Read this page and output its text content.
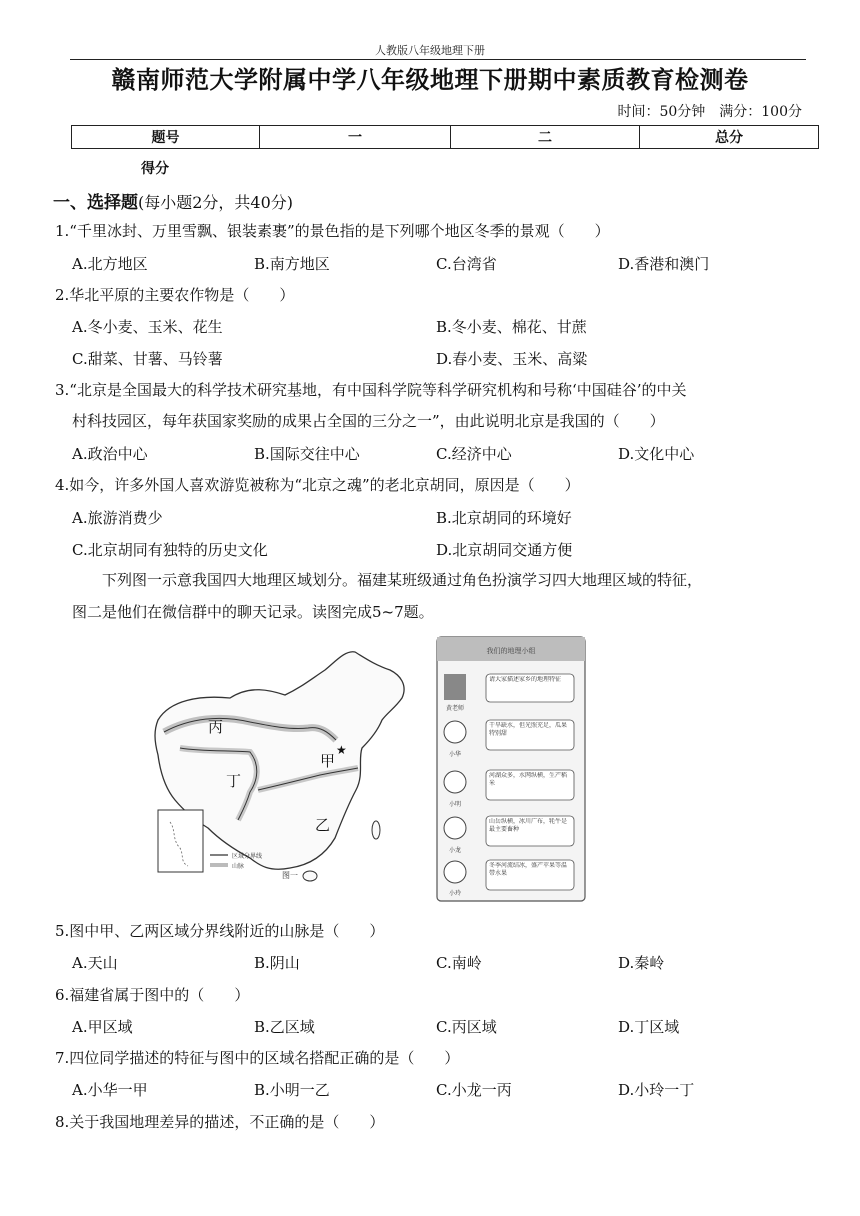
人教版八年级地理下册
赣南师范大学附属中学八年级地理下册期中素质教育检测卷
时间：50分钟　满分：100分
题号	一	二	总分
得分
一、选择题(每小题2分，共40分)
1.“千里冰封、万里雪飘、银装素裹”的景色指的是下列哪个地区冬季的景观（　　）
A.北方地区	B.南方地区	C.台湾省	D.香港和澳门
2.华北平原的主要农作物是（　　）
A.冬小麦、玉米、花生	B.冬小麦、棉花、甘蔗
C.甜菜、甘薯、马铃薯	D.春小麦、玉米、高粱
3.“北京是全国最大的科学技术研究基地，有中国科学院等科学研究机构和号称‘中国硅谷’的中关
村科技园区，每年获国家奖励的成果占全国的三分之一”，由此说明北京是我国的（　　）
A.政治中心	B.国际交往中心	C.经济中心	D.文化中心
4.如今，许多外国人喜欢游览被称为“北京之魂”的老北京胡同，原因是（　　）
A.旅游消费少	B.北京胡同的环境好
C.北京胡同有独特的历史文化	D.北京胡同交通方便
下列图一示意我国四大地理区域划分。福建某班级通过角色扮演学习四大地理区域的特征，
图二是他们在微信群中的聊天记录。读图完成5~7题。
★
丙
甲
丁
乙
区域分界线
山脉
图一
我们的地理小组
黄老师
请大家描述家乡的地理特征
小华
干旱缺水，但光照充足，瓜果特别甜
小明
河湖众多，水网纵横，生产稻米
小龙
山岳纵横，冰川广布，牦牛是最主要畜种
小玲
冬季河流结冰，盛产苹果等温带水果
5.图中甲、乙两区域分界线附近的山脉是（　　）
A.天山	B.阴山	C.南岭	D.秦岭
6.福建省属于图中的（　　）
A.甲区域	B.乙区域	C.丙区域	D.丁区域
7.四位同学描述的特征与图中的区域名搭配正确的是（　　）
A.小华一甲	B.小明一乙	C.小龙一丙	D.小玲一丁
8.关于我国地理差异的描述，不正确的是（　　）
